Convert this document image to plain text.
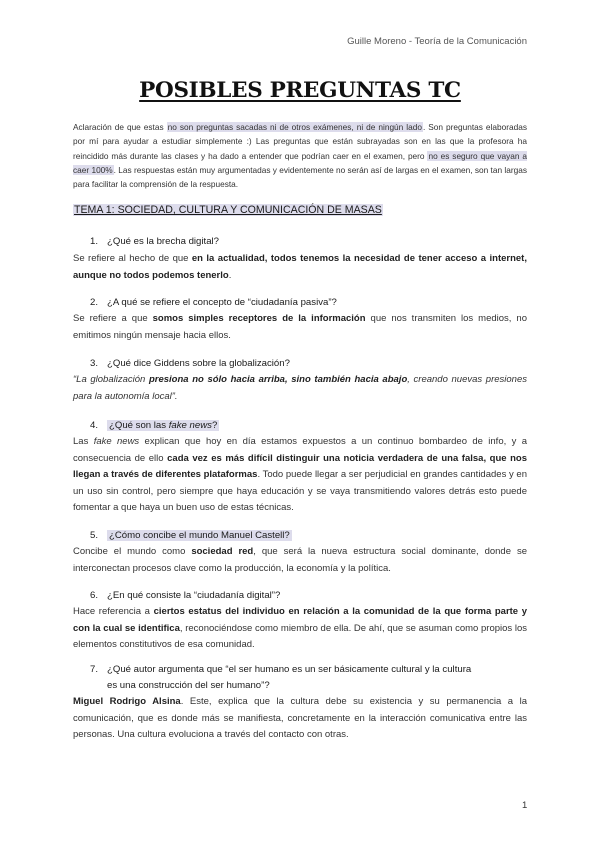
Guille Moreno - Teoría de la Comunicación
POSIBLES PREGUNTAS TC
Aclaración de que estas no son preguntas sacadas ni de otros exámenes, ni de ningún lado. Son preguntas elaboradas por mí para ayudar a estudiar simplemente :) Las preguntas que están subrayadas son en las que la profesora ha reincidido más durante las clases y ha dado a entender que podrían caer en el examen, pero no es seguro que vayan a caer 100%. Las respuestas están muy argumentadas y evidentemente no serán así de largas en el examen, son tan largas para facilitar la comprensión de la respuesta.
TEMA 1: SOCIEDAD, CULTURA Y COMUNICACIÓN DE MASAS
1. ¿Qué es la brecha digital?
Se refiere al hecho de que en la actualidad, todos tenemos la necesidad de tener acceso a internet, aunque no todos podemos tenerlo.
2. ¿A qué se refiere el concepto de “ciudadanía pasiva”?
Se refiere a que somos simples receptores de la información que nos transmiten los medios, no emitimos ningún mensaje hacia ellos.
3. ¿Qué dice Giddens sobre la globalización?
“La globalización presiona no sólo hacia arriba, sino también hacia abajo, creando nuevas presiones para la autonomía local”.
4. ¿Qué son las fake news?
Las fake news explican que hoy en día estamos expuestos a un continuo bombardeo de info, y a consecuencia de ello cada vez es más difícil distinguir una noticia verdadera de una falsa, que nos llegan a través de diferentes plataformas. Todo puede llegar a ser perjudicial en grandes cantidades y en un uso sin control, pero siempre que haya educación y se vaya transmitiendo valores detrás esto puede fomentar a que haya un buen uso de estas técnicas.
5. ¿Cómo concibe el mundo Manuel Castell?
Concibe el mundo como sociedad red, que será la nueva estructura social dominante, donde se interconectan procesos clave como la producción, la economía y la política.
6. ¿En qué consiste la “ciudadanía digital”?
Hace referencia a ciertos estatus del individuo en relación a la comunidad de la que forma parte y con la cual se identifica, reconociéndose como miembro de ella. De ahí, que se asuman como propios los elementos constitutivos de esa comunidad.
7. ¿Qué autor argumenta que “el ser humano es un ser básicamente cultural y la cultura
es una construcción del ser humano”?
Miguel Rodrigo Alsina. Este, explica que la cultura debe su existencia y su permanencia a la comunicación, que es donde más se manifiesta, concretamente en la interacción comunicativa entre las personas. Una cultura evoluciona a través del contacto con otras.
1
